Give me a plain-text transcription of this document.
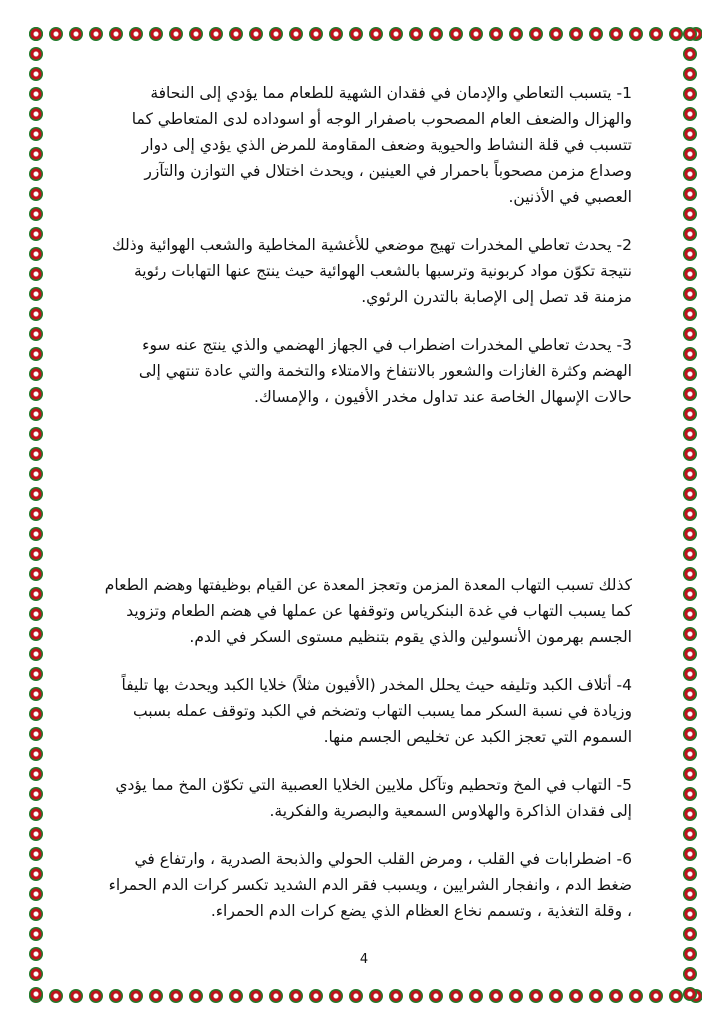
1- يتسبب التعاطي والإدمان في فقدان الشهية للطعام مما يؤدي إلى النحافة والهزال والضعف العام المصحوب باصفرار الوجه أو اسوداده لدى المتعاطي كما تتسبب في قلة النشاط والحيوية وضعف المقاومة للمرض الذي يؤدي إلى دوار وصداع مزمن مصحوباً باحمرار في العينين ، ويحدث اختلال في التوازن والتآزر العصبي في الأذنين.

2- يحدث تعاطي المخدرات تهيج موضعي للأغشية المخاطية والشعب الهوائية وذلك نتيجة تكوّن مواد كربونية وترسبها بالشعب الهوائية حيث ينتج عنها التهابات رئوية مزمنة قد تصل إلى الإصابة بالتدرن الرئوي.

3- يحدث تعاطي المخدرات اضطراب في الجهاز الهضمي والذي ينتج عنه سوء الهضم وكثرة الغازات والشعور بالانتفاخ والامتلاء والتخمة والتي عادة تنتهي إلى حالات الإسهال الخاصة عند تداول مخدر الأفيون ، والإمساك.

كذلك تسبب التهاب المعدة المزمن وتعجز المعدة عن القيام بوظيفتها وهضم الطعام كما يسبب التهاب في غدة البنكرياس وتوقفها عن عملها في هضم الطعام وتزويد الجسم بهرمون الأنسولين والذي يقوم بتنظيم مستوى السكر في الدم.

4- أتلاف الكبد وتليفه حيث يحلل المخدر (الأفيون مثلاً) خلايا الكبد ويحدث بها تليفاً وزيادة في نسبة السكر مما يسبب التهاب وتضخم في الكبد وتوقف عمله بسبب السموم التي تعجز الكبد عن تخليص الجسم منها.

5- التهاب في المخ وتحطيم وتآكل ملايين الخلايا العصبية التي تكوّن المخ مما يؤدي إلى فقدان الذاكرة والهلاوس السمعية والبصرية والفكرية.

6- اضطرابات في القلب ، ومرض القلب الحولي والذبحة الصدرية ، وارتفاع في ضغط الدم ، وانفجار الشرايين ، ويسبب فقر الدم الشديد تكسر كرات الدم الحمراء ، وقلة التغذية ، وتسمم نخاع العظام الذي يضع كرات الدم الحمراء.

4
